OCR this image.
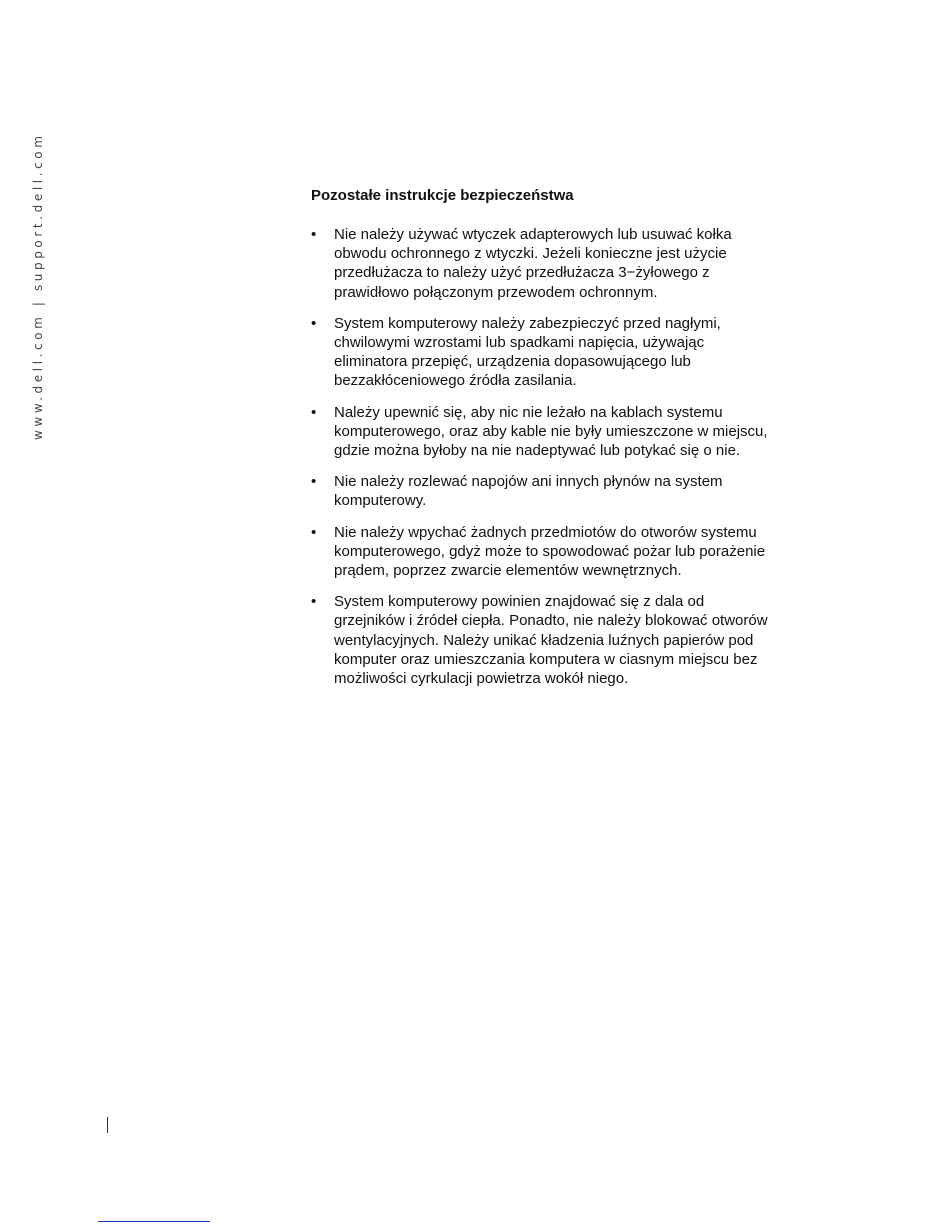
www.dell.com | support.dell.com	Pozostałe instrukcje bezpieczeństwa
• Nie należy używać wtyczek adapterowych lub usuwać kołka
obwodu ochronnego z wtyczki. Jeżeli konieczne jest użycie
przedłużacza to należy użyć przedłużacza 3−żyłowego z
prawidłowo połączonym przewodem ochronnym.
• System komputerowy należy zabezpieczyć przed nagłymi,
chwilowymi wzrostami lub spadkami napięcia, używając
eliminatora przepięć, urządzenia dopasowującego lub
bezzakłóceniowego źródła zasilania.
• Należy upewnić się, aby nic nie leżało na kablach systemu
komputerowego, oraz aby kable nie były umieszczone w miejscu,
gdzie można byłoby na nie nadeptywać lub potykać się o nie.
• Nie należy rozlewać napojów ani innych płynów na system
komputerowy.
• Nie należy wpychać żadnych przedmiotów do otworów systemu
komputerowego, gdyż może to spowodować pożar lub porażenie
prądem, poprzez zwarcie elementów wewnętrznych.
• System komputerowy powinien znajdować się z dala od
grzejników i źródeł ciepła. Ponadto, nie należy blokować otworów
wentylacyjnych. Należy unikać kładzenia luźnych papierów pod
komputer oraz umieszczania komputera w ciasnym miejscu bez
możliwości cyrkulacji powietrza wokół niego.
